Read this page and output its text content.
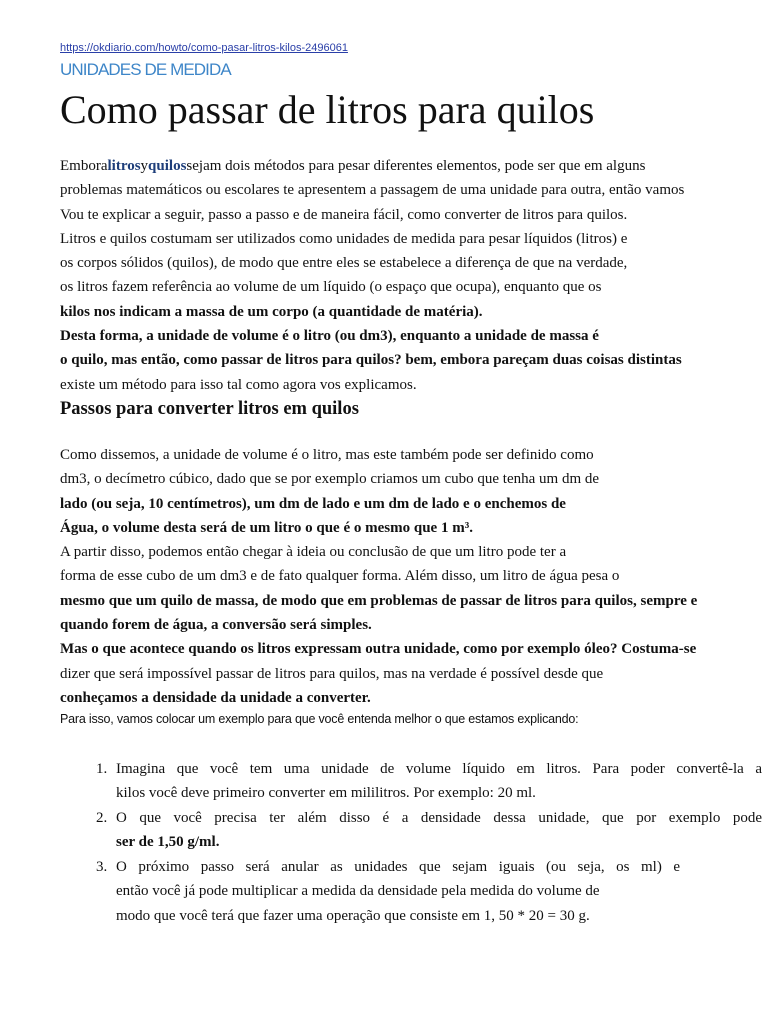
https://okdiario.com/howto/como-pasar-litros-kilos-2496061
UNIDADES DE MEDIDA
Como passar de litros para quilos
Emboralitrosyquilossejam dois métodos para pesar diferentes elementos, pode ser que em alguns
problemas matemáticos ou escolares te apresentem a passagem de uma unidade para outra, então vamos
Vou te explicar a seguir, passo a passo e de maneira fácil, como converter de litros para quilos.
Litros e quilos costumam ser utilizados como unidades de medida para pesar líquidos (litros) e
os corpos sólidos (quilos), de modo que entre eles se estabelece a diferença de que na verdade,
os litros fazem referência ao volume de um líquido (o espaço que ocupa), enquanto que os
kilos nos indicam a massa de um corpo (a quantidade de matéria).
Desta forma, a unidade de volume é o litro (ou dm3), enquanto a unidade de massa é
o quilo, mas então, como passar de litros para quilos? bem, embora pareçam duas coisas distintas
existe um método para isso tal como agora vos explicamos.
Passos para converter litros em quilos
Como dissemos, a unidade de volume é o litro, mas este também pode ser definido como
dm3, o decímetro cúbico, dado que se por exemplo criamos um cubo que tenha um dm de
lado (ou seja, 10 centímetros), um dm de lado e um dm de lado e o enchemos de
Água, o volume desta será de um litro o que é o mesmo que 1 m³.
A partir disso, podemos então chegar à ideia ou conclusão de que um litro pode ter a
forma de esse cubo de um dm3 e de fato qualquer forma. Além disso, um litro de água pesa o
mesmo que um quilo de massa, de modo que em problemas de passar de litros para quilos, sempre e
quando forem de água, a conversão será simples.
Mas o que acontece quando os litros expressam outra unidade, como por exemplo óleo? Costuma-se
dizer que será impossível passar de litros para quilos, mas na verdade é possível desde que
conheçamos a densidade da unidade a converter.
Para isso, vamos colocar um exemplo para que você entenda melhor o que estamos explicando:
1. Imagina que você tem uma unidade de volume líquido em litros. Para poder convertê-la a
kilos você deve primeiro converter em mililitros. Por exemplo: 20 ml.
2. O que você precisa ter além disso é a densidade dessa unidade, que por exemplo pode
ser de 1,50 g/ml.
3. O próximo passo será anular as unidades que sejam iguais (ou seja, os ml) e
então você já pode multiplicar a medida da densidade pela medida do volume de
modo que você terá que fazer uma operação que consiste em 1, 50 * 20 = 30 g.
